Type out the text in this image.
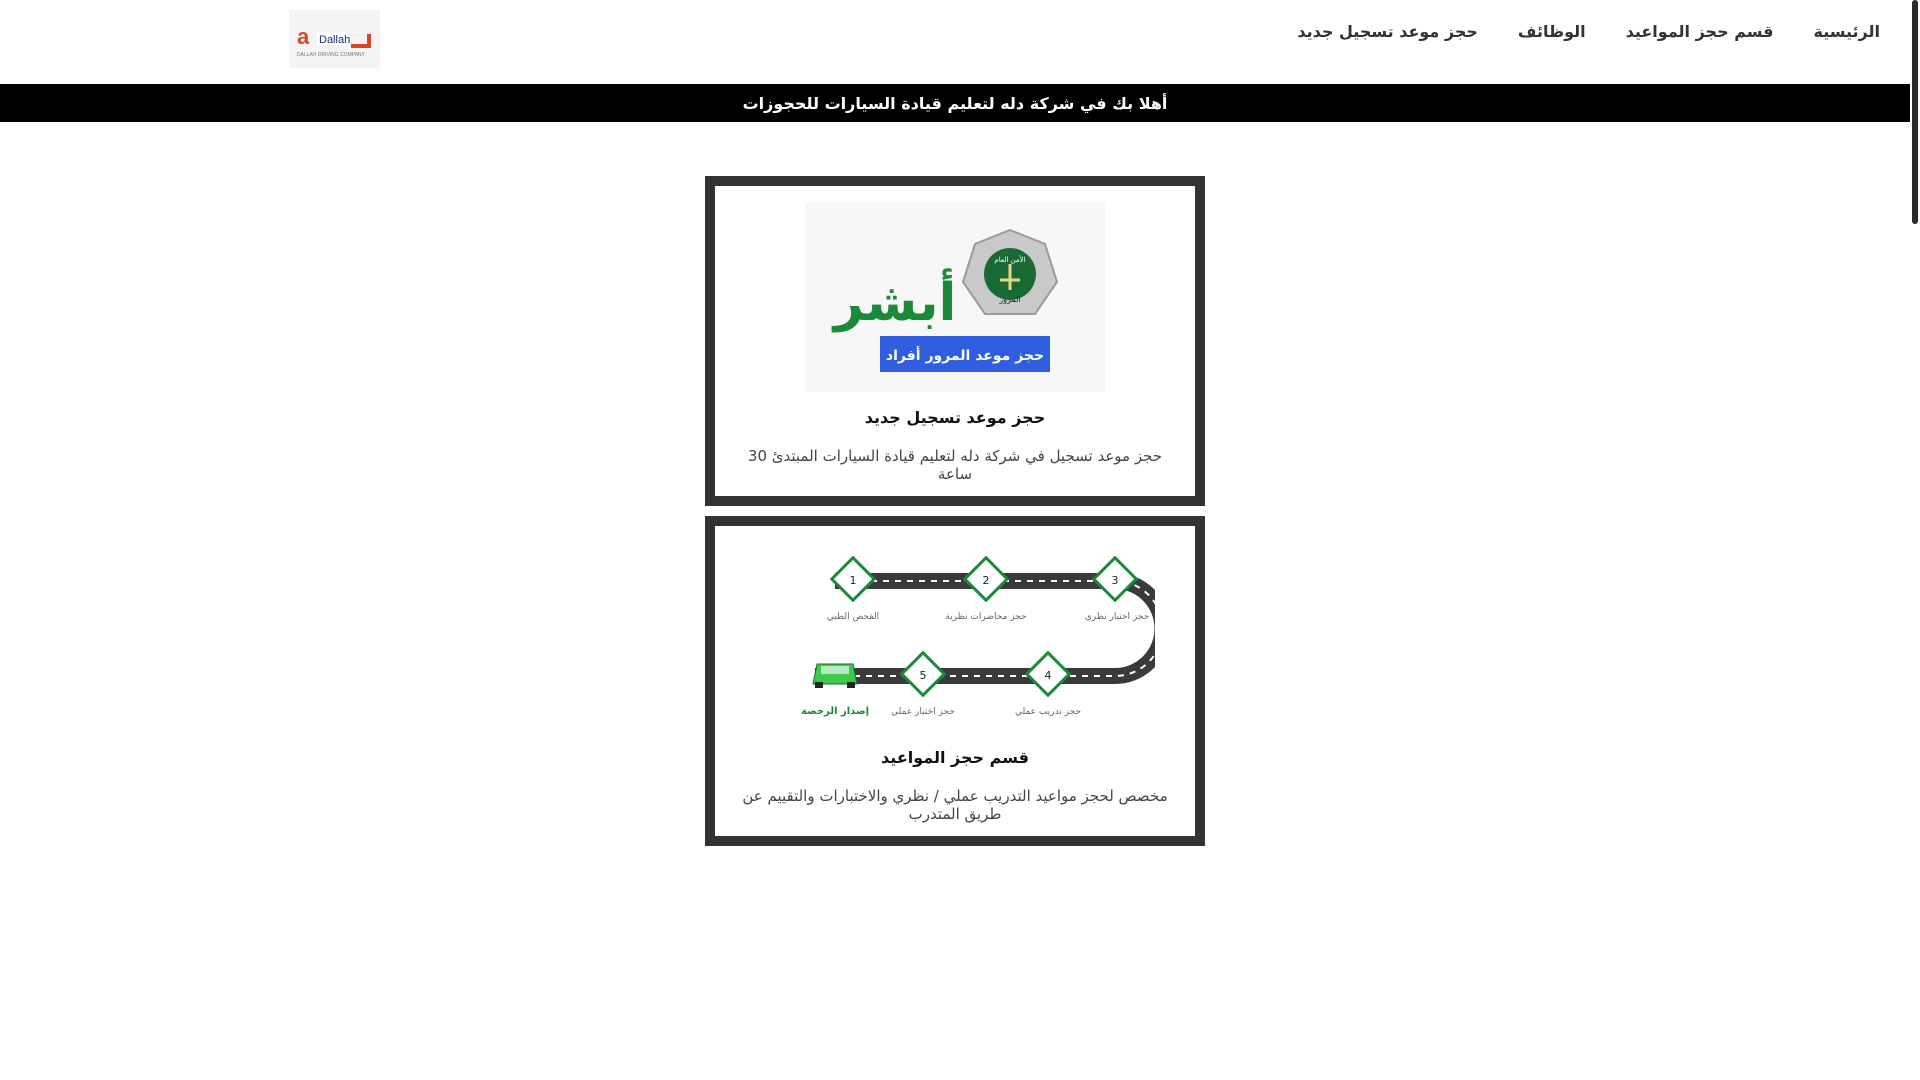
a Dallah
DALLAH DRIVING COMPANY
الرئيسية
قسم حجز المواعيد
الوظائف
حجز موعد تسجيل جديد
أهلا بك في شركة دله لتعليم قيادة السيارات للحجوزات
الأمن العام
المرور
أبشر
حجز موعد المرور أفراد
حجز موعد تسجيل جديد
حجز موعد تسجيل في شركة دله لتعليم قيادة السيارات المبتدئ 30 ساعة
1
الفحص الطبي
2
حجز محاضرات نظرية
3
حجز اختبار نظري
4
حجز تدريب عملي
5
حجز اختبار عملي
إصدار الرخصة
قسم حجز المواعيد
مخصص لحجز مواعيد التدريب عملي / نظري والاختبارات والتقييم عن طريق المتدرب
